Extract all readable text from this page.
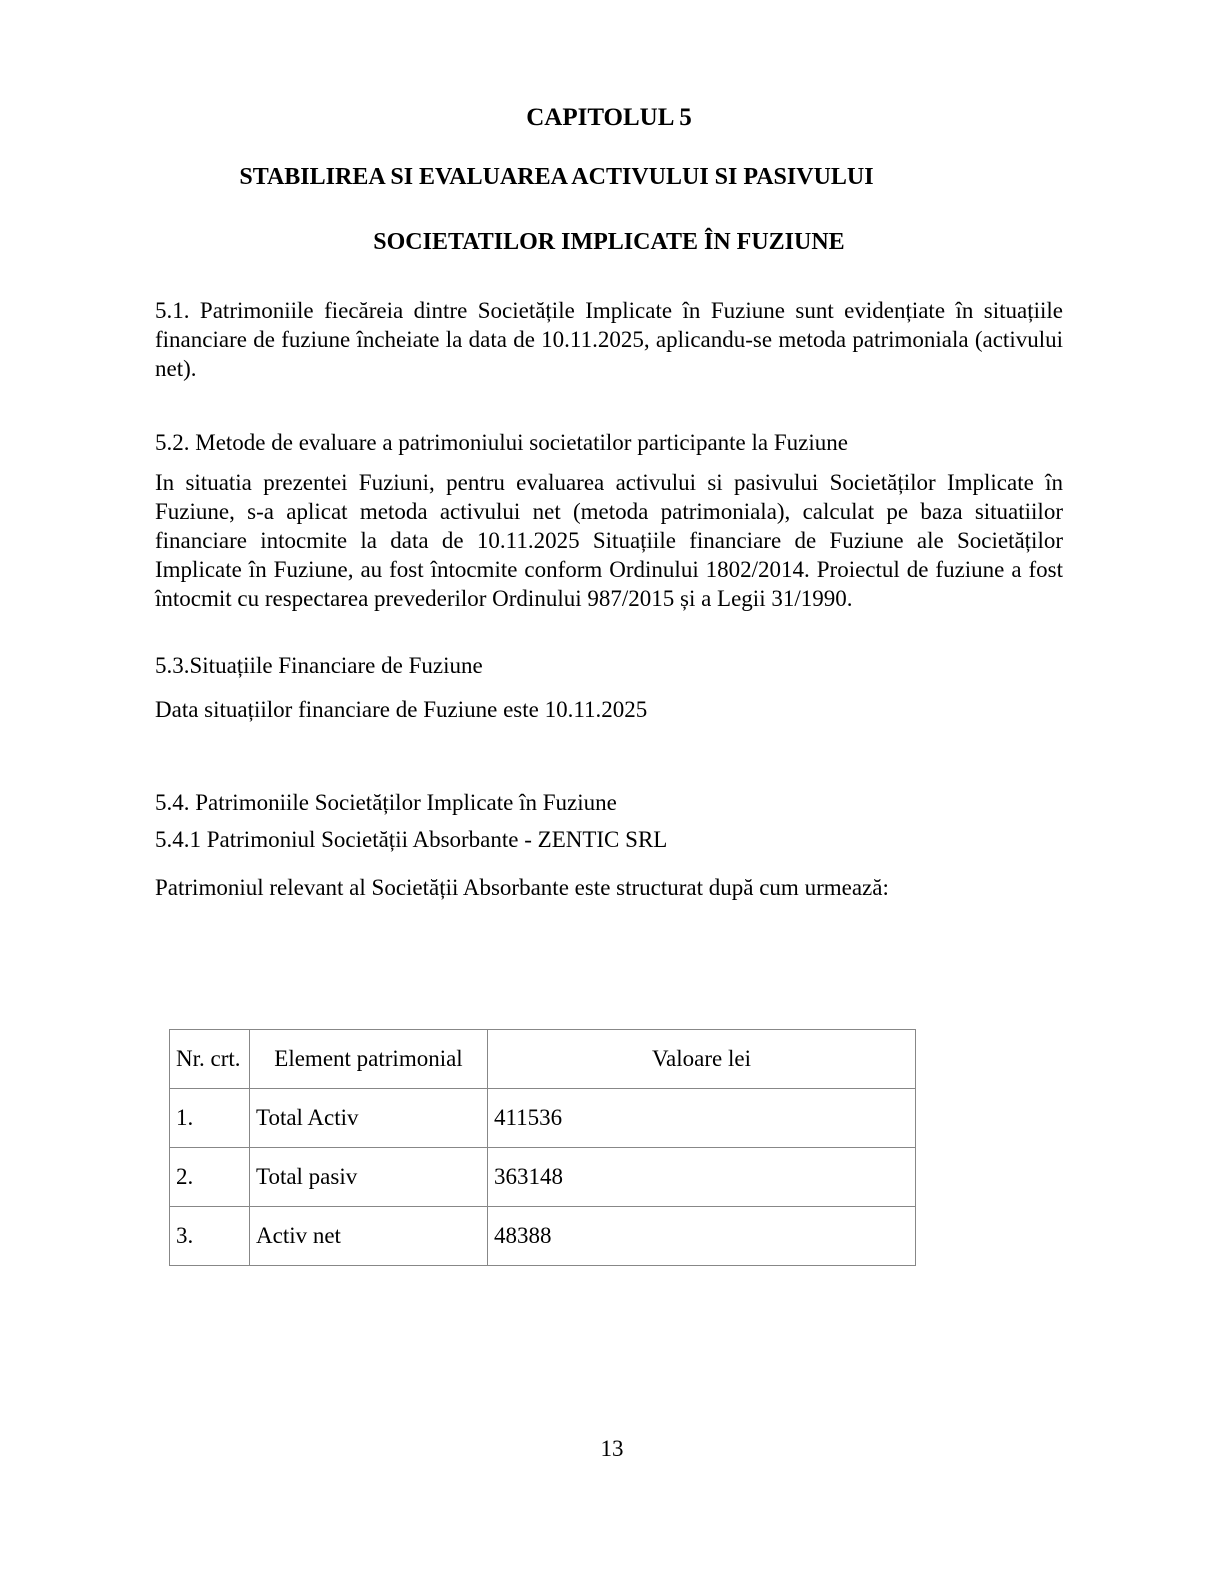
CAPITOLUL 5
STABILIREA SI EVALUAREA ACTIVULUI SI PASIVULUI
SOCIETATILOR IMPLICATE ÎN FUZIUNE

5.1. Patrimoniile fiecăreia dintre Societățile Implicate în Fuziune sunt evidențiate în situațiile financiare de fuziune încheiate la data de 10.11.2025, aplicandu-se metoda patrimoniala (activului net).

5.2. Metode de evaluare a patrimoniului societatilor participante la Fuziune

In situatia prezentei Fuziuni, pentru evaluarea activului si pasivului Societăților Implicate în Fuziune, s-a aplicat metoda activului net (metoda patrimoniala), calculat pe baza situatiilor financiare intocmite la data de 10.11.2025 Situațiile financiare de Fuziune ale Societăților Implicate în Fuziune, au fost întocmite conform Ordinului 1802/2014. Proiectul de fuziune a fost întocmit cu respectarea prevederilor Ordinului 987/2015 și a Legii 31/1990.

5.3.Situațiile Financiare de Fuziune

Data situațiilor financiare de Fuziune este 10.11.2025

5.4. Patrimoniile Societăților Implicate în Fuziune

5.4.1 Patrimoniul Societății Absorbante - ZENTIC SRL

Patrimoniul relevant al Societății Absorbante este structurat după cum urmează:

Nr. crt.	Element patrimonial	Valoare lei
1.	Total Activ	411536
2.	Total pasiv	363148
3.	Activ net	48388
13
